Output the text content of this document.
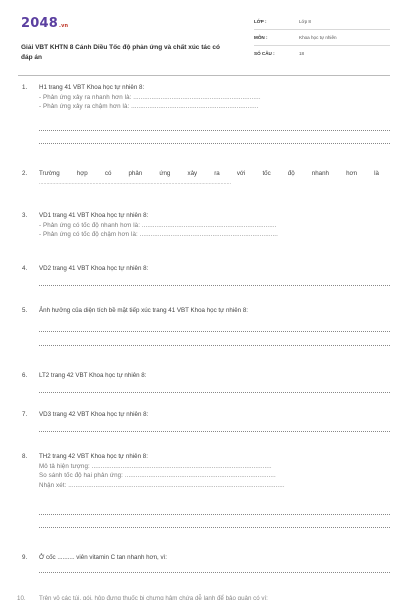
2048.vn
Giải VBT KHTN 8 Cánh Diều Tốc độ phản ứng và chất xúc tác có đáp án
LỚP :	Lớp 8
MÔN :	Khoa học tự nhiên
SỐ CÂU :	18
1. H1 trang 41 VBT Khoa học tự nhiên 8:
- Phản ứng xảy ra nhanh hơn là: ......................................................................
- Phản ứng xảy ra chậm hơn là: ......................................................................
2. Trường	hợp	có	phản	ứng	xảy	ra	với	tốc	độ	nhanh	hơn	là
.................................................................................................................................
3. VD1 trang 41 VBT Khoa học tự nhiên 8:
- Phản ứng có tốc độ nhanh hơn là: ..........................................................................
- Phản ứng có tốc độ chậm hơn là: ............................................................................
4. VD2 trang 41 VBT Khoa học tự nhiên 8:
5. Ảnh hưởng của diện tích bề mặt tiếp xúc trang 41 VBT Khoa học tự nhiên 8:
6. LT2 trang 42 VBT Khoa học tự nhiên 8:
7. VD3 trang 42 VBT Khoa học tự nhiên 8:
8. TH2 trang 42 VBT Khoa học tự nhiên 8:
Mô tả hiện tượng: ...................................................................................................
So sánh tốc độ hai phản ứng: ...................................................................................
Nhận xét: .......................................................................................................................
9. Ở cốc .......... viên vitamin C tan nhanh hơn, vì:
10. Trên vỏ các túi, gói, hộp đựng thuốc bị chưng hâm chứa dễ lạnh để bảo quản có ví:
